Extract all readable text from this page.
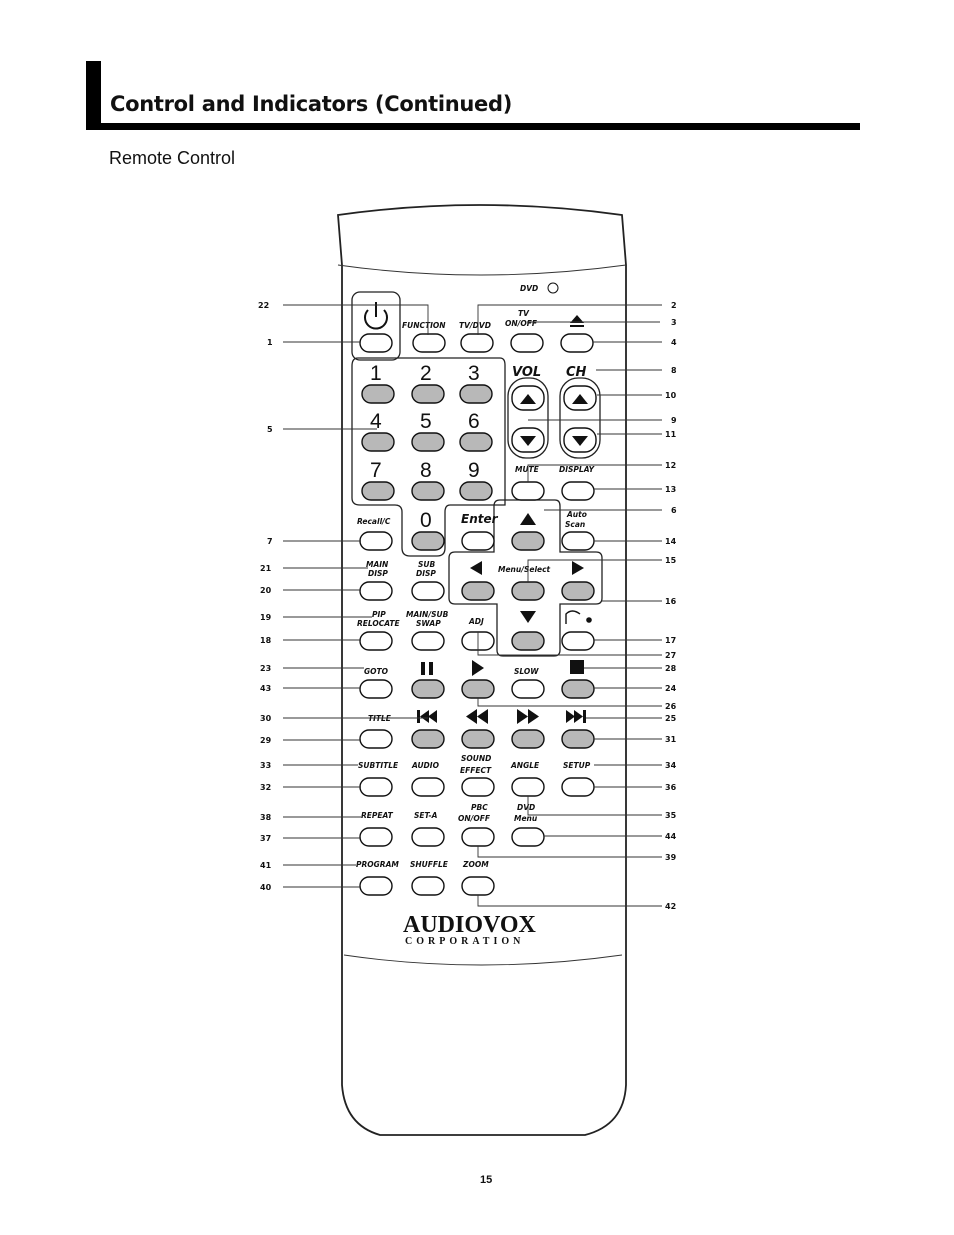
Control and Indicators (Continued)
Remote Control
DVD
FUNCTION TV/DVD
TV
ON/OFF
1 2 3
4 5 6
7 8 9
0
VOL CH
MUTE	DISPLAY
Recall/C	Enter	Auto
Scan
MAIN
DISP
SUB
DISP	Menu/Select
PIP
RELOCATE
MAIN/SUB
SWAP	ADJ
GOTO	SLOW
TITLE
SUBTITLE AUDIO
SOUND
EFFECT
ANGLE	SETUP
REPEAT	SET-A
PBC
ON/OFF
DVD
Menu
PROGRAM SHUFFLE ZOOM
AUDIOVOX
CORPORATION
22
1
5
7
21
20
19
18
23
43
30
29
33
32
38
37
41
40
2
3
4
8
10
9
11
12
13
6
14
15
16
17
27
28
24
26
25
31
34
36
35
44
39
42
15
